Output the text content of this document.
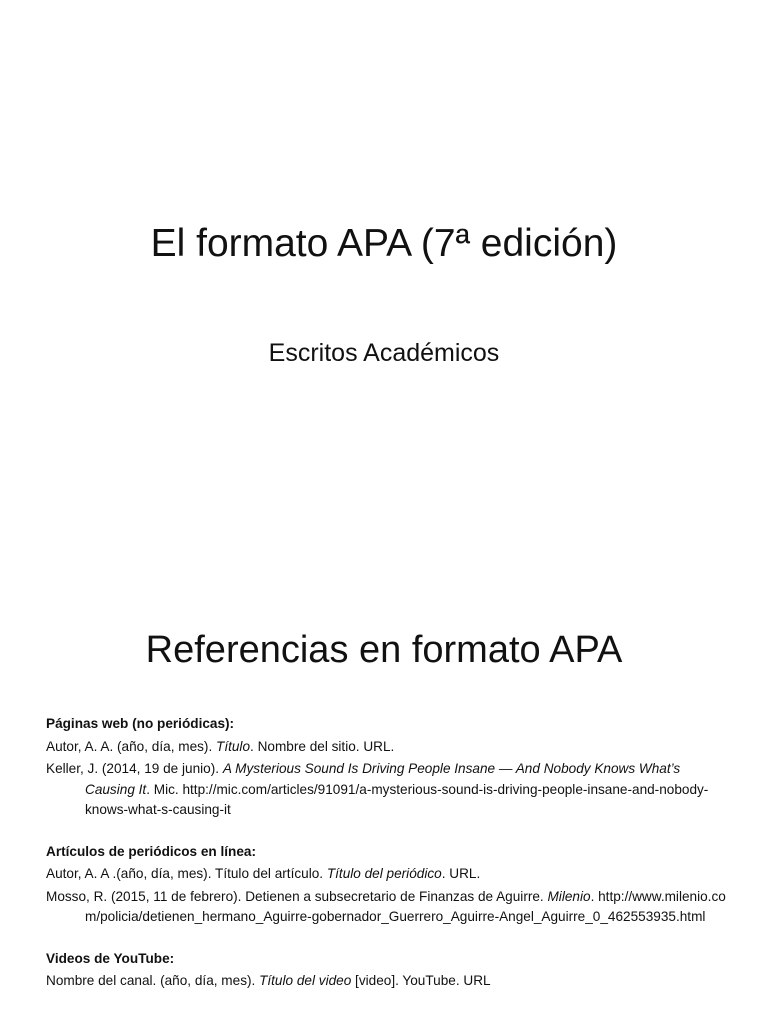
El formato APA (7ª edición)
Escritos Académicos
Referencias en formato APA
Páginas web (no periódicas):
Autor, A. A. (año, día, mes). Título. Nombre del sitio. URL.
Keller, J. (2014, 19 de junio). A Mysterious Sound Is Driving People Insane — And Nobody Knows What’s Causing It. Mic. http://mic.com/articles/91091/a-mysterious-sound-is-driving-people-insane-and-nobody-knows-what-s-causing-it
Artículos de periódicos en línea:
Autor, A. A .(año, día, mes). Título del artículo. Título del periódico. URL.
Mosso, R. (2015, 11 de febrero). Detienen a subsecretario de Finanzas de Aguirre. Milenio. http://www.milenio.com/policia/detienen_hermano_Aguirre-gobernador_Guerrero_Aguirre-Angel_Aguirre_0_462553935.html
Videos de YouTube:
Nombre del canal. (año, día, mes). Título del video [video]. YouTube. URL
